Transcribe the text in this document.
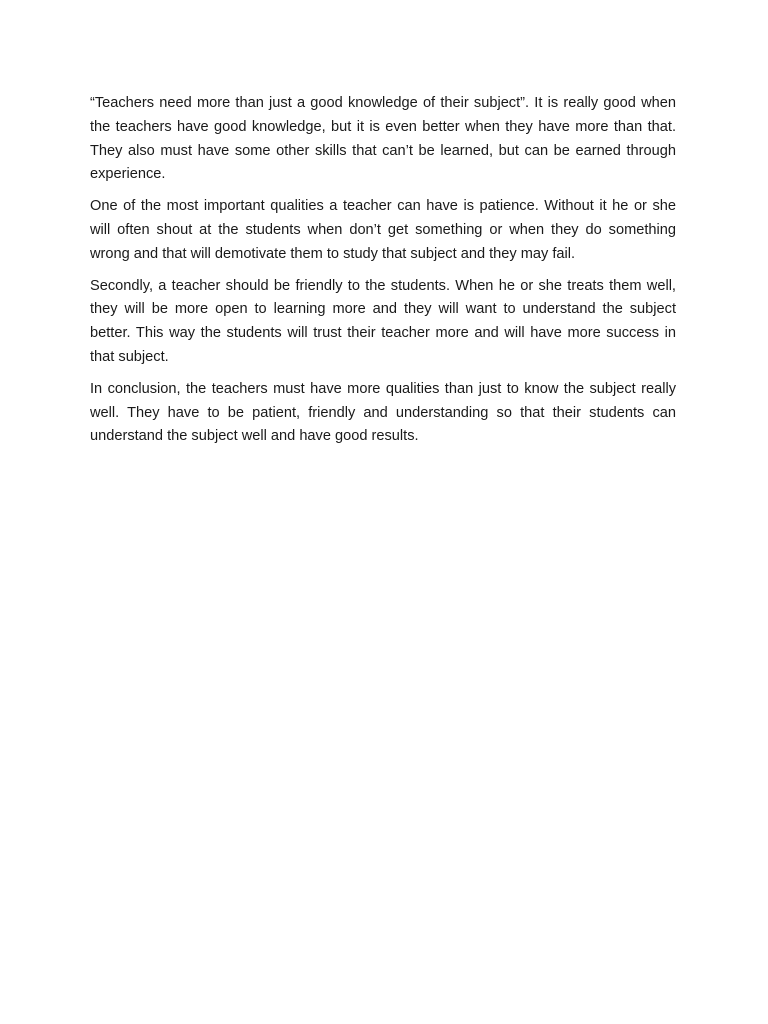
“Teachers need more than just a good knowledge of their subject”. It is really good when the teachers have good knowledge, but it is even better when they have more than that. They also must have some other skills that can’t be learned, but can be earned through experience.

One of the most important qualities a teacher can have is patience. Without it he or she will often shout at the students when don’t get something or when they do something wrong and that will demotivate them to study that subject and they may fail.

Secondly, a teacher should be friendly to the students. When he or she treats them well, they will be more open to learning more and they will want to understand the subject better. This way the students will trust their teacher more and will have more success in that subject.

In conclusion, the teachers must have more qualities than just to know the subject really well. They have to be patient, friendly and understanding so that their students can understand the subject well and have good results.
